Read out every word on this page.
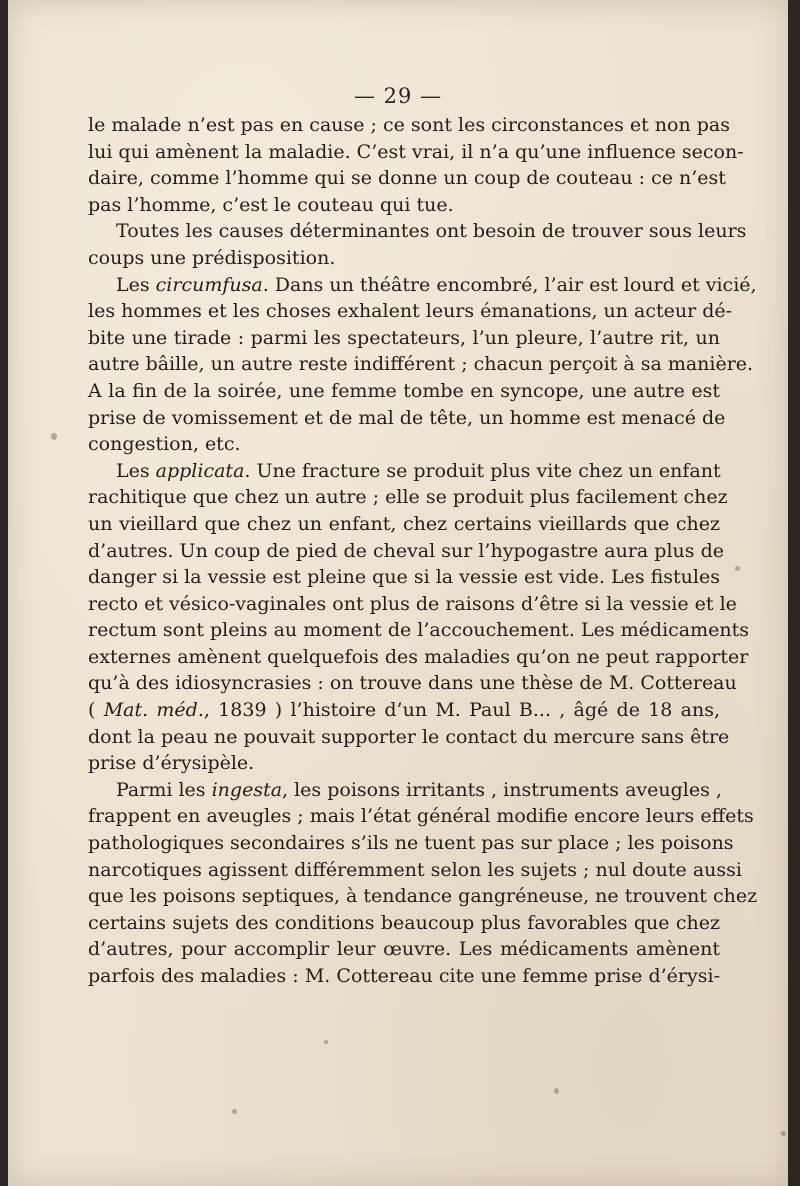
— 29 —
le malade n’est pas en cause ; ce sont les circonstances et non pas
lui qui amènent la maladie. C’est vrai, il n’a qu’une influence secon-
daire, comme l’homme qui se donne un coup de couteau : ce n’est
pas l’homme, c’est le couteau qui tue.
Toutes les causes déterminantes ont besoin de trouver sous leurs
coups une prédisposition.
Les circumfusa. Dans un théâtre encombré, l’air est lourd et vicié,
les hommes et les choses exhalent leurs émanations, un acteur dé-
bite une tirade : parmi les spectateurs, l’un pleure, l’autre rit, un
autre bâille, un autre reste indifférent ; chacun perçoit à sa manière.
A la fin de la soirée, une femme tombe en syncope, une autre est
prise de vomissement et de mal de tête, un homme est menacé de
congestion, etc.
Les applicata. Une fracture se produit plus vite chez un enfant
rachitique que chez un autre ; elle se produit plus facilement chez
un vieillard que chez un enfant, chez certains vieillards que chez
d’autres. Un coup de pied de cheval sur l’hypogastre aura plus de
danger si la vessie est pleine que si la vessie est vide. Les fistules
recto et vésico-vaginales ont plus de raisons d’être si la vessie et le
rectum sont pleins au moment de l’accouchement. Les médicaments
externes amènent quelquefois des maladies qu’on ne peut rapporter
qu’à des idiosyncrasies : on trouve dans une thèse de M. Cottereau
( Mat. méd., 1839 ) l’histoire d’un M. Paul B... , âgé de 18 ans,
dont la peau ne pouvait supporter le contact du mercure sans être
prise d’érysipèle.
Parmi les ingesta, les poisons irritants , instruments aveugles ,
frappent en aveugles ; mais l’état général modifie encore leurs effets
pathologiques secondaires s’ils ne tuent pas sur place ; les poisons
narcotiques agissent différemment selon les sujets ; nul doute aussi
que les poisons septiques, à tendance gangréneuse, ne trouvent chez
certains sujets des conditions beaucoup plus favorables que chez
d’autres, pour accomplir leur œuvre. Les médicaments amènent
parfois des maladies : M. Cottereau cite une femme prise d’érysi-
